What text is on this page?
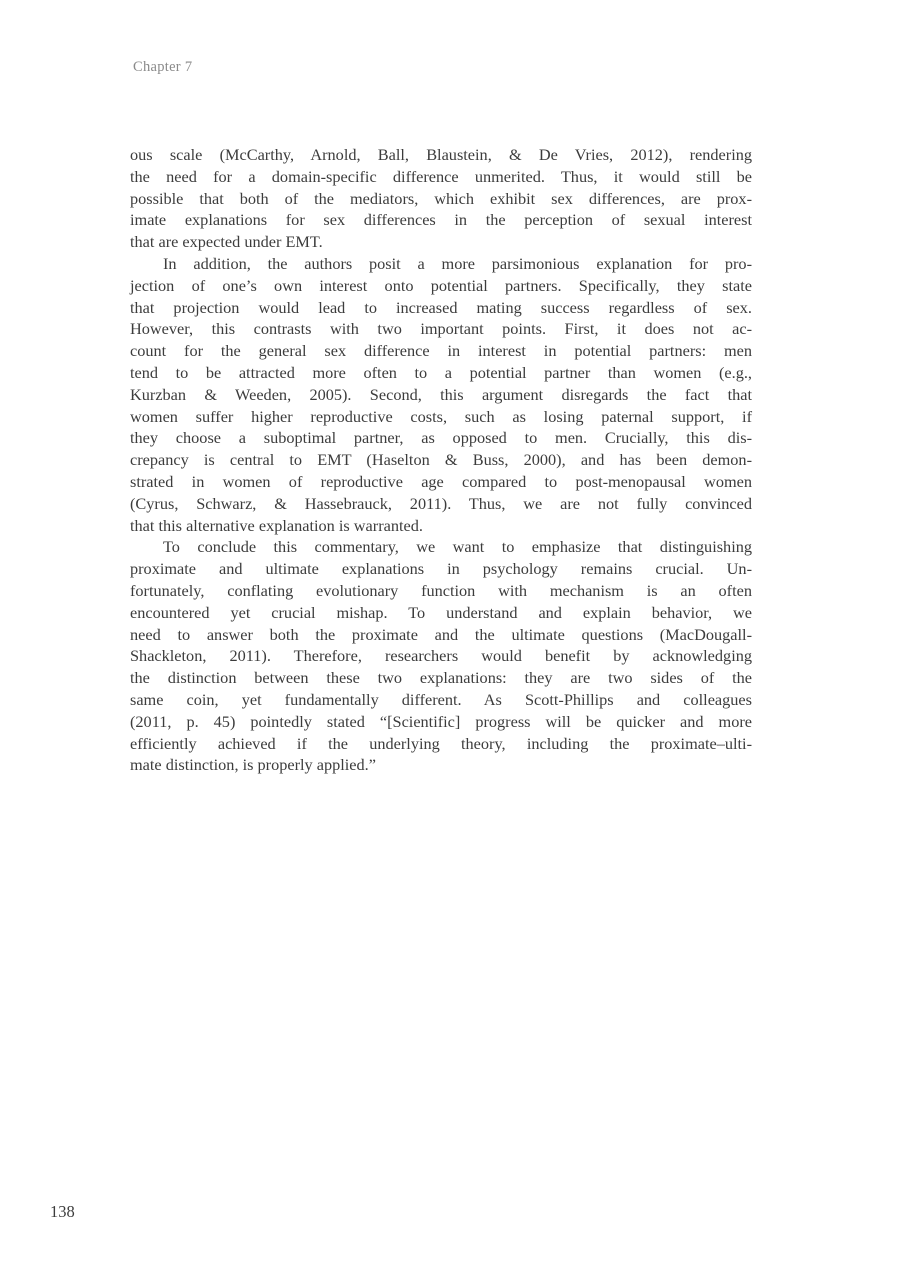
Chapter 7

ous scale (McCarthy, Arnold, Ball, Blaustein, & De Vries, 2012), rendering
the need for a domain-specific difference unmerited. Thus, it would still be
possible that both of the mediators, which exhibit sex differences, are prox-
imate explanations for sex differences in the perception of sexual interest
that are expected under EMT.

In addition, the authors posit a more parsimonious explanation for pro-
jection of one’s own interest onto potential partners. Specifically, they state
that projection would lead to increased mating success regardless of sex.
However, this contrasts with two important points. First, it does not ac-
count for the general sex difference in interest in potential partners: men
tend to be attracted more often to a potential partner than women (e.g.,
Kurzban & Weeden, 2005). Second, this argument disregards the fact that
women suffer higher reproductive costs, such as losing paternal support, if
they choose a suboptimal partner, as opposed to men. Crucially, this dis-
crepancy is central to EMT (Haselton & Buss, 2000), and has been demon-
strated in women of reproductive age compared to post-menopausal women
(Cyrus, Schwarz, & Hassebrauck, 2011). Thus, we are not fully convinced
that this alternative explanation is warranted.

To conclude this commentary, we want to emphasize that distinguishing
proximate and ultimate explanations in psychology remains crucial. Un-
fortunately, conflating evolutionary function with mechanism is an often
encountered yet crucial mishap. To understand and explain behavior, we
need to answer both the proximate and the ultimate questions (MacDougall-
Shackleton, 2011). Therefore, researchers would benefit by acknowledging
the distinction between these two explanations: they are two sides of the
same coin, yet fundamentally different. As Scott-Phillips and colleagues
(2011, p. 45) pointedly stated “[Scientific] progress will be quicker and more
efficiently achieved if the underlying theory, including the proximate–ulti-
mate distinction, is properly applied.”

138
